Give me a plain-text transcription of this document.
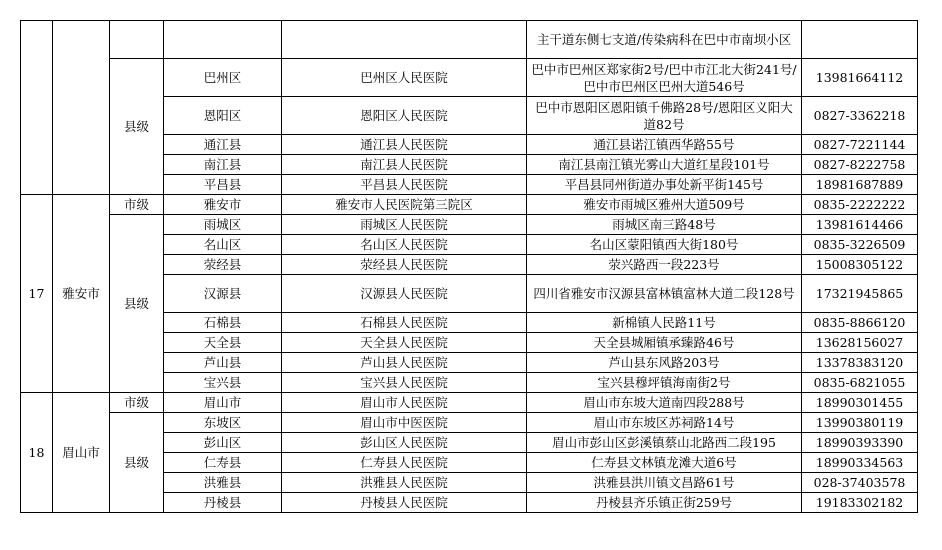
					主干道东侧七支道/传染病科在巴中市南坝小区	
		县级	巴州区	巴州区人民医院	巴中市巴州区郑家街2号/巴中市江北大街241号/巴中市巴州区巴州大道546号	13981664112
			恩阳区	恩阳区人民医院	巴中市恩阳区恩阳镇千佛路28号/恩阳区义阳大道82号	0827-3362218
			通江县	通江县人民医院	通江县诺江镇西华路55号	0827-7221144
			南江县	南江县人民医院	南江县南江镇光雾山大道红星段101号	0827-8222758
			平昌县	平昌县人民医院	平昌县同州街道办事处新平街145号	18981687889
17	雅安市	市级	雅安市	雅安市人民医院第三院区	雅安市雨城区雅州大道509号	0835-2222222
		县级	雨城区	雨城区人民医院	雨城区南三路48号	13981614466
			名山区	名山区人民医院	名山区蒙阳镇西大街180号	0835-3226509
			荥经县	荥经县人民医院	荥兴路西一段223号	15008305122
			汉源县	汉源县人民医院	四川省雅安市汉源县富林镇富林大道二段128号	17321945865
			石棉县	石棉县人民医院	新棉镇人民路11号	0835-8866120
			天全县	天全县人民医院	天全县城厢镇承臻路46号	13628156027
			芦山县	芦山县人民医院	芦山县东风路203号	13378383120
			宝兴县	宝兴县人民医院	宝兴县穆坪镇海南街2号	0835-6821055
18	眉山市	市级	眉山市	眉山市人民医院	眉山市东坡大道南四段288号	18990301455
		县级	东坡区	眉山市中医医院	眉山市东坡区苏祠路14号	13990380119
			彭山区	彭山区人民医院	眉山市彭山区彭溪镇蔡山北路西二段195	18990393390
			仁寿县	仁寿县人民医院	仁寿县文林镇龙滩大道6号	18990334563
			洪雅县	洪雅县人民医院	洪雅县洪川镇文昌路61号	028-37403578
			丹棱县	丹棱县人民医院	丹棱县齐乐镇正街259号	19183302182
